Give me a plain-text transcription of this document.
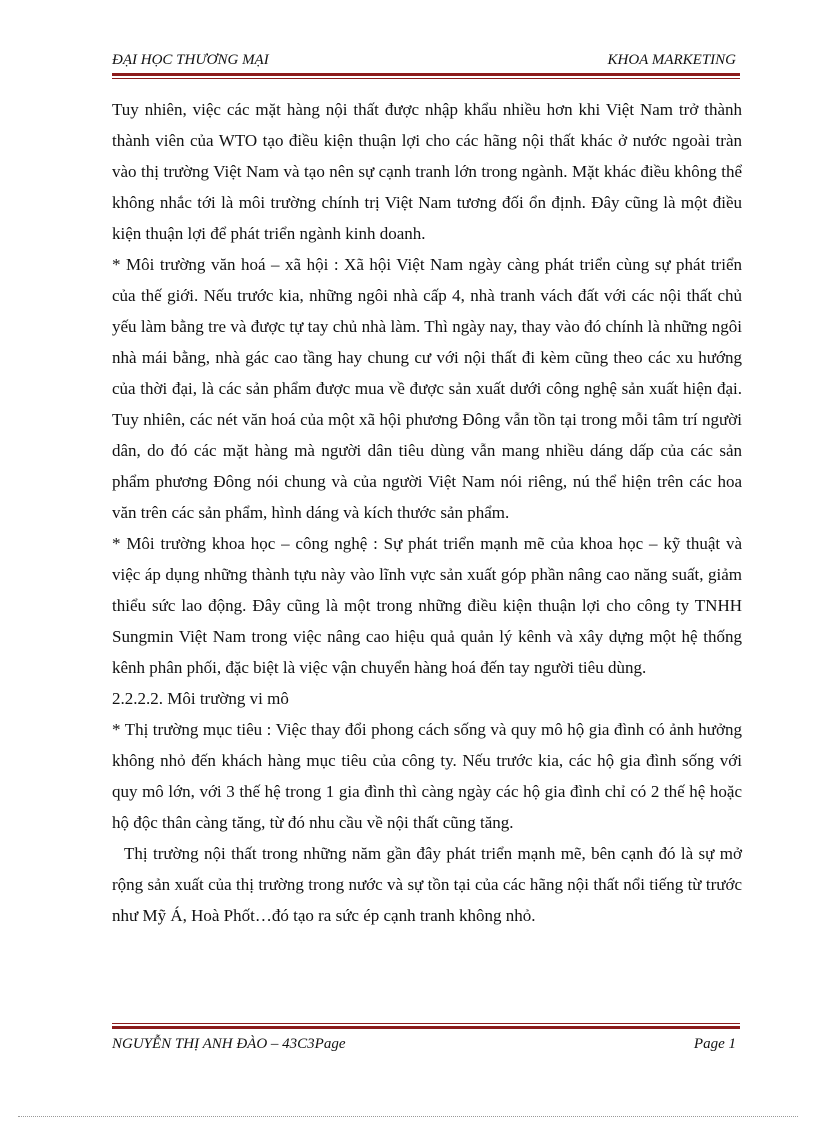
ĐẠI HỌC THƯƠNG MẠI	KHOA MARKETING

Tuy nhiên, việc các mặt hàng nội thất được nhập khẩu nhiều hơn khi Việt Nam trở thành thành viên của WTO tạo điều kiện thuận lợi cho các hãng nội thất khác ở nước ngoài tràn vào thị trường Việt Nam và tạo nên sự cạnh tranh lớn trong ngành. Mặt khác điều không thể không nhắc tới là môi trường chính trị Việt Nam tương đối ổn định. Đây cũng là một điều kiện thuận lợi để phát triển ngành kinh doanh.

* Môi trường văn hoá – xã hội : Xã hội Việt Nam ngày càng phát triển cùng sự phát triển của thế giới. Nếu trước kia, những ngôi nhà cấp 4, nhà tranh vách đất với các nội thất chủ yếu làm bằng tre và được tự tay chủ nhà làm. Thì ngày nay, thay vào đó chính là những ngôi nhà mái bằng, nhà gác cao tầng hay chung cư với nội thất đi kèm cũng theo các xu hướng của thời đại, là các sản phẩm được mua về được sản xuất dưới công nghệ sản xuất hiện đại. Tuy nhiên, các nét văn hoá của một xã hội phương Đông vẫn tồn tại trong mỗi tâm trí người dân, do đó các mặt hàng mà người dân tiêu dùng vẫn mang nhiều dáng dấp của các sản phẩm phương Đông nói chung và của người Việt Nam nói riêng, nú thể hiện trên các hoa văn trên các sản phẩm, hình dáng và kích thước sản phẩm.

* Môi trường khoa học – công nghệ : Sự phát triển mạnh mẽ của khoa học – kỹ thuật và việc áp dụng những thành tựu này vào lĩnh vực sản xuất góp phần nâng cao năng suất, giảm thiểu sức lao động. Đây cũng là một trong những điều kiện thuận lợi cho công ty TNHH Sungmin Việt Nam trong việc nâng cao hiệu quả quản lý kênh và xây dựng một hệ thống kênh phân phối, đặc biệt là việc vận chuyển hàng hoá đến tay người tiêu dùng.

2.2.2.2. Môi trường vi mô

* Thị trường mục tiêu : Việc thay đổi phong cách sống và quy mô hộ gia đình có ảnh hưởng không nhỏ đến khách hàng mục tiêu của công ty. Nếu trước kia, các hộ gia đình sống với quy mô lớn, với 3 thế hệ trong 1 gia đình thì càng ngày các hộ gia đình chỉ có 2 thế hệ hoặc hộ độc thân càng tăng, từ đó nhu cầu về nội thất cũng tăng.

Thị trường nội thất trong những năm gần đây phát triển mạnh mẽ, bên cạnh đó là sự mở rộng sản xuất của thị trường trong nước và sự tồn tại của các hãng nội thất nổi tiếng từ trước như Mỹ Á, Hoà Phốt…đó tạo ra sức ép cạnh tranh không nhỏ.

NGUYỄN THỊ ANH ĐÀO – 43C3Page	Page 1
